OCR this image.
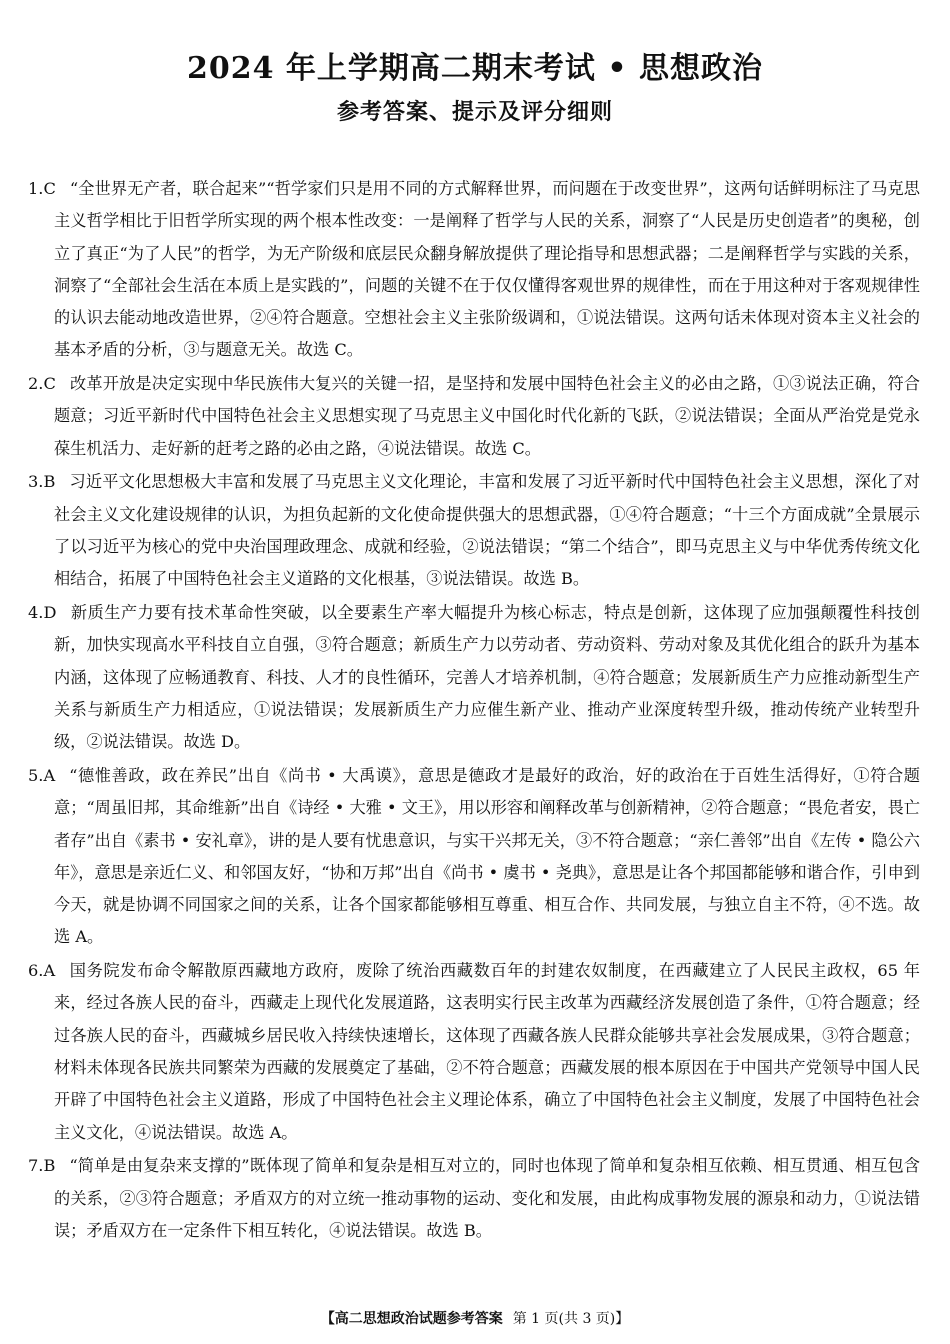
2024 年上学期高二期末考试 • 思想政治
参考答案、提示及评分细则
1.C “全世界无产者，联合起来”“哲学家们只是用不同的方式解释世界，而问题在于改变世界”，这两句话鲜明标注了马克思主义哲学相比于旧哲学所实现的两个根本性改变：一是阐释了哲学与人民的关系，洞察了“人民是历史创造者”的奥秘，创立了真正“为了人民”的哲学，为无产阶级和底层民众翻身解放提供了理论指导和思想武器；二是阐释哲学与实践的关系，洞察了“全部社会生活在本质上是实践的”，问题的关键不在于仅仅懂得客观世界的规律性，而在于用这种对于客观规律性的认识去能动地改造世界，②④符合题意。空想社会主义主张阶级调和，①说法错误。这两句话未体现对资本主义社会的基本矛盾的分析，③与题意无关。故选 C。
2.C 改革开放是决定实现中华民族伟大复兴的关键一招，是坚持和发展中国特色社会主义的必由之路，①③说法正确，符合题意；习近平新时代中国特色社会主义思想实现了马克思主义中国化时代化新的飞跃，②说法错误；全面从严治党是党永葆生机活力、走好新的赶考之路的必由之路，④说法错误。故选 C。
3.B 习近平文化思想极大丰富和发展了马克思主义文化理论，丰富和发展了习近平新时代中国特色社会主义思想，深化了对社会主义文化建设规律的认识，为担负起新的文化使命提供强大的思想武器，①④符合题意；“十三个方面成就”全景展示了以习近平为核心的党中央治国理政理念、成就和经验，②说法错误；“第二个结合”，即马克思主义与中华优秀传统文化相结合，拓展了中国特色社会主义道路的文化根基，③说法错误。故选 B。
4.D 新质生产力要有技术革命性突破，以全要素生产率大幅提升为核心标志，特点是创新，这体现了应加强颠覆性科技创新，加快实现高水平科技自立自强，③符合题意；新质生产力以劳动者、劳动资料、劳动对象及其优化组合的跃升为基本内涵，这体现了应畅通教育、科技、人才的良性循环，完善人才培养机制，④符合题意；发展新质生产力应推动新型生产关系与新质生产力相适应，①说法错误；发展新质生产力应催生新产业、推动产业深度转型升级，推动传统产业转型升级，②说法错误。故选 D。
5.A “德惟善政，政在养民”出自《尚书 • 大禹谟》，意思是德政才是最好的政治，好的政治在于百姓生活得好，①符合题意；“周虽旧邦，其命维新”出自《诗经 • 大雅 • 文王》，用以形容和阐释改革与创新精神，②符合题意；“畏危者安，畏亡者存”出自《素书 • 安礼章》，讲的是人要有忧患意识，与实干兴邦无关，③不符合题意；“亲仁善邻”出自《左传 • 隐公六年》，意思是亲近仁义、和邻国友好，“协和万邦”出自《尚书 • 虞书 • 尧典》，意思是让各个邦国都能够和谐合作，引申到今天，就是协调不同国家之间的关系，让各个国家都能够相互尊重、相互合作、共同发展，与独立自主不符，④不选。故选 A。
6.A 国务院发布命令解散原西藏地方政府，废除了统治西藏数百年的封建农奴制度，在西藏建立了人民民主政权，65 年来，经过各族人民的奋斗，西藏走上现代化发展道路，这表明实行民主改革为西藏经济发展创造了条件，①符合题意；经过各族人民的奋斗，西藏城乡居民收入持续快速增长，这体现了西藏各族人民群众能够共享社会发展成果，③符合题意；材料未体现各民族共同繁荣为西藏的发展奠定了基础，②不符合题意；西藏发展的根本原因在于中国共产党领导中国人民开辟了中国特色社会主义道路，形成了中国特色社会主义理论体系，确立了中国特色社会主义制度，发展了中国特色社会主义文化，④说法错误。故选 A。
7.B “简单是由复杂来支撑的”既体现了简单和复杂是相互对立的，同时也体现了简单和复杂相互依赖、相互贯通、相互包含的关系，②③符合题意；矛盾双方的对立统一推动事物的运动、变化和发展，由此构成事物发展的源泉和动力，①说法错误；矛盾双方在一定条件下相互转化，④说法错误。故选 B。
【高二思想政治试题参考答案 第 1 页(共 3 页)】
